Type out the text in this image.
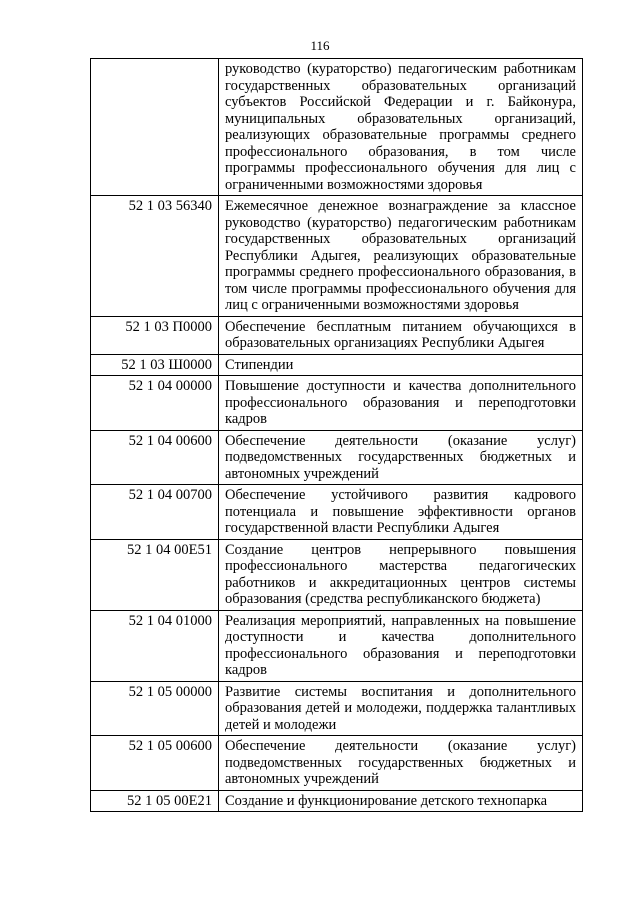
116
	руководство (кураторство) педагогическим работникам государственных образовательных организаций субъектов Российской Федерации и г. Байконура, муниципальных образовательных организаций, реализующих образовательные программы среднего профессионального образования, в том числе программы профессионального обучения для лиц с ограниченными возможностями здоровья
52 1 03 56340	Ежемесячное денежное вознаграждение за классное руководство (кураторство) педагогическим работникам государственных образовательных организаций Республики Адыгея, реализующих образовательные программы среднего профессионального образования, в том числе программы профессионального обучения для лиц с ограниченными возможностями здоровья
52 1 03 П0000	Обеспечение бесплатным питанием обучающихся в образовательных организациях Республики Адыгея
52 1 03 Ш0000	Стипендии
52 1 04 00000	Повышение доступности и качества дополнительного профессионального образования и переподготовки кадров
52 1 04 00600	Обеспечение деятельности (оказание услуг) подведомственных государственных бюджетных и автономных учреждений
52 1 04 00700	Обеспечение устойчивого развития кадрового потенциала и повышение эффективности органов государственной власти Республики Адыгея
52 1 04 00Е51	Создание центров непрерывного повышения профессионального мастерства педагогических работников и аккредитационных центров системы образования (средства республиканского бюджета)
52 1 04 01000	Реализация мероприятий, направленных на повышение доступности и качества дополнительного профессионального образования и переподготовки кадров
52 1 05 00000	Развитие системы воспитания и дополнительного образования детей и молодежи, поддержка талантливых детей и молодежи
52 1 05 00600	Обеспечение деятельности (оказание услуг) подведомственных государственных бюджетных и автономных учреждений
52 1 05 00Е21	Создание и функционирование детского технопарка
